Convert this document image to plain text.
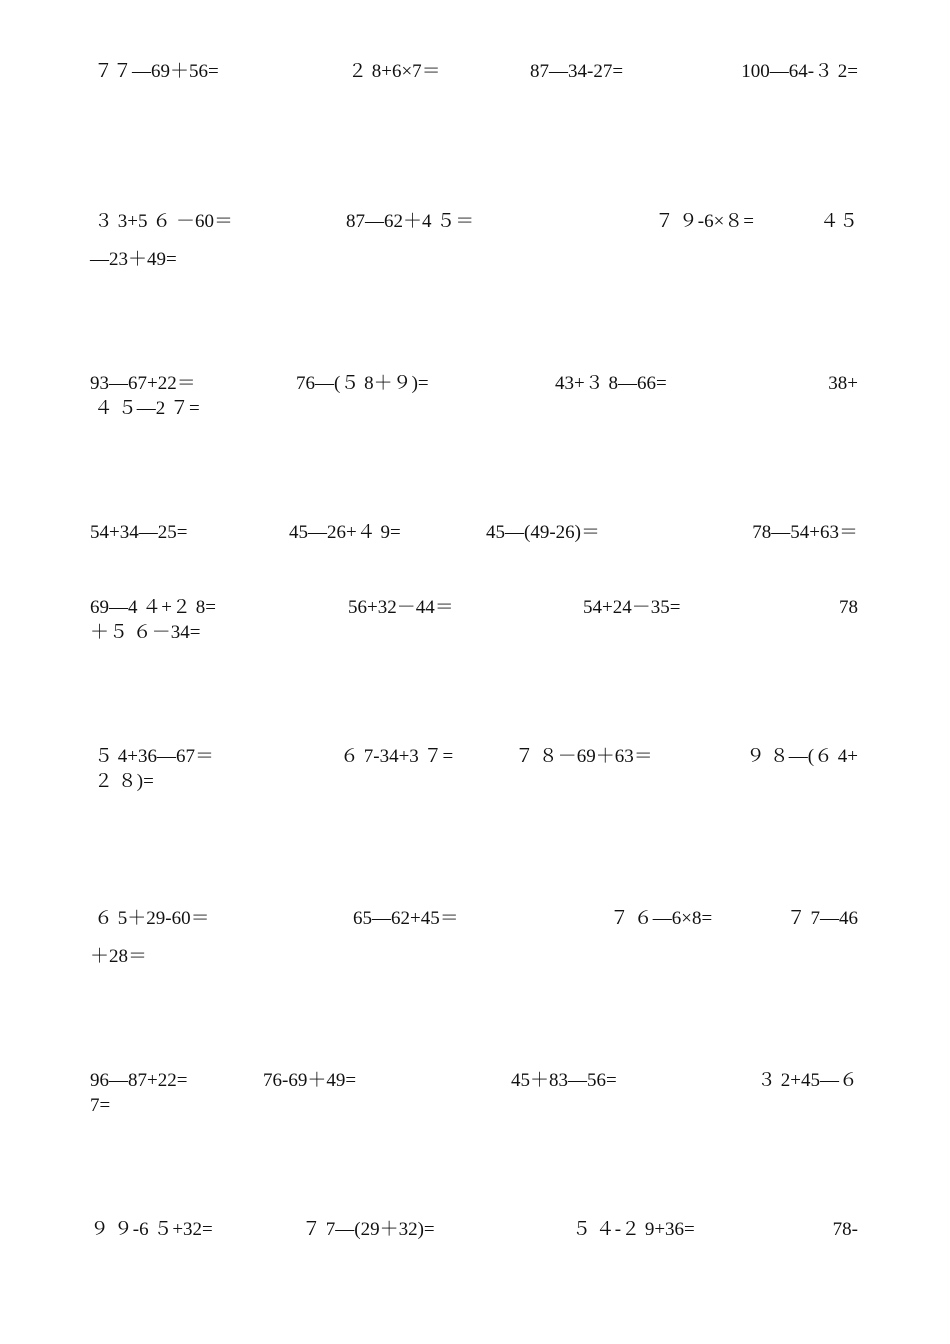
７７—69＋56=	２ 8+6×7＝	87—34-27=	100—64-３ 2=
３ 3+5 ６ －60＝	87—62＋4 ５＝	７ ９-6×８=	４５
—23＋49=
93—67+22＝	76—(５ 8＋９)=	43+３ 8—66=	38+
４ ５—2 ７=
54+34—25=	45—26+４ 9=	45—(49-26)＝	78—54+63＝
69—4 ４+２ 8=	56+32－44＝	54+24－35=	78
＋５ ６－34=
５ 4+36—67＝	６ 7-34+3 ７=	７ ８－69＋63＝	９ ８—(６ 4+
２ ８)=
６ 5＋29-60＝	65—62+45＝	７ ６—6×8=	７ 7—46
＋28＝
96—87+22=	76-69＋49=	45＋83—56=	３ 2+45—６
7=
９ ９-6 ５+32=	７ 7—(29＋32)=	５ ４-２ 9+36=	78-
